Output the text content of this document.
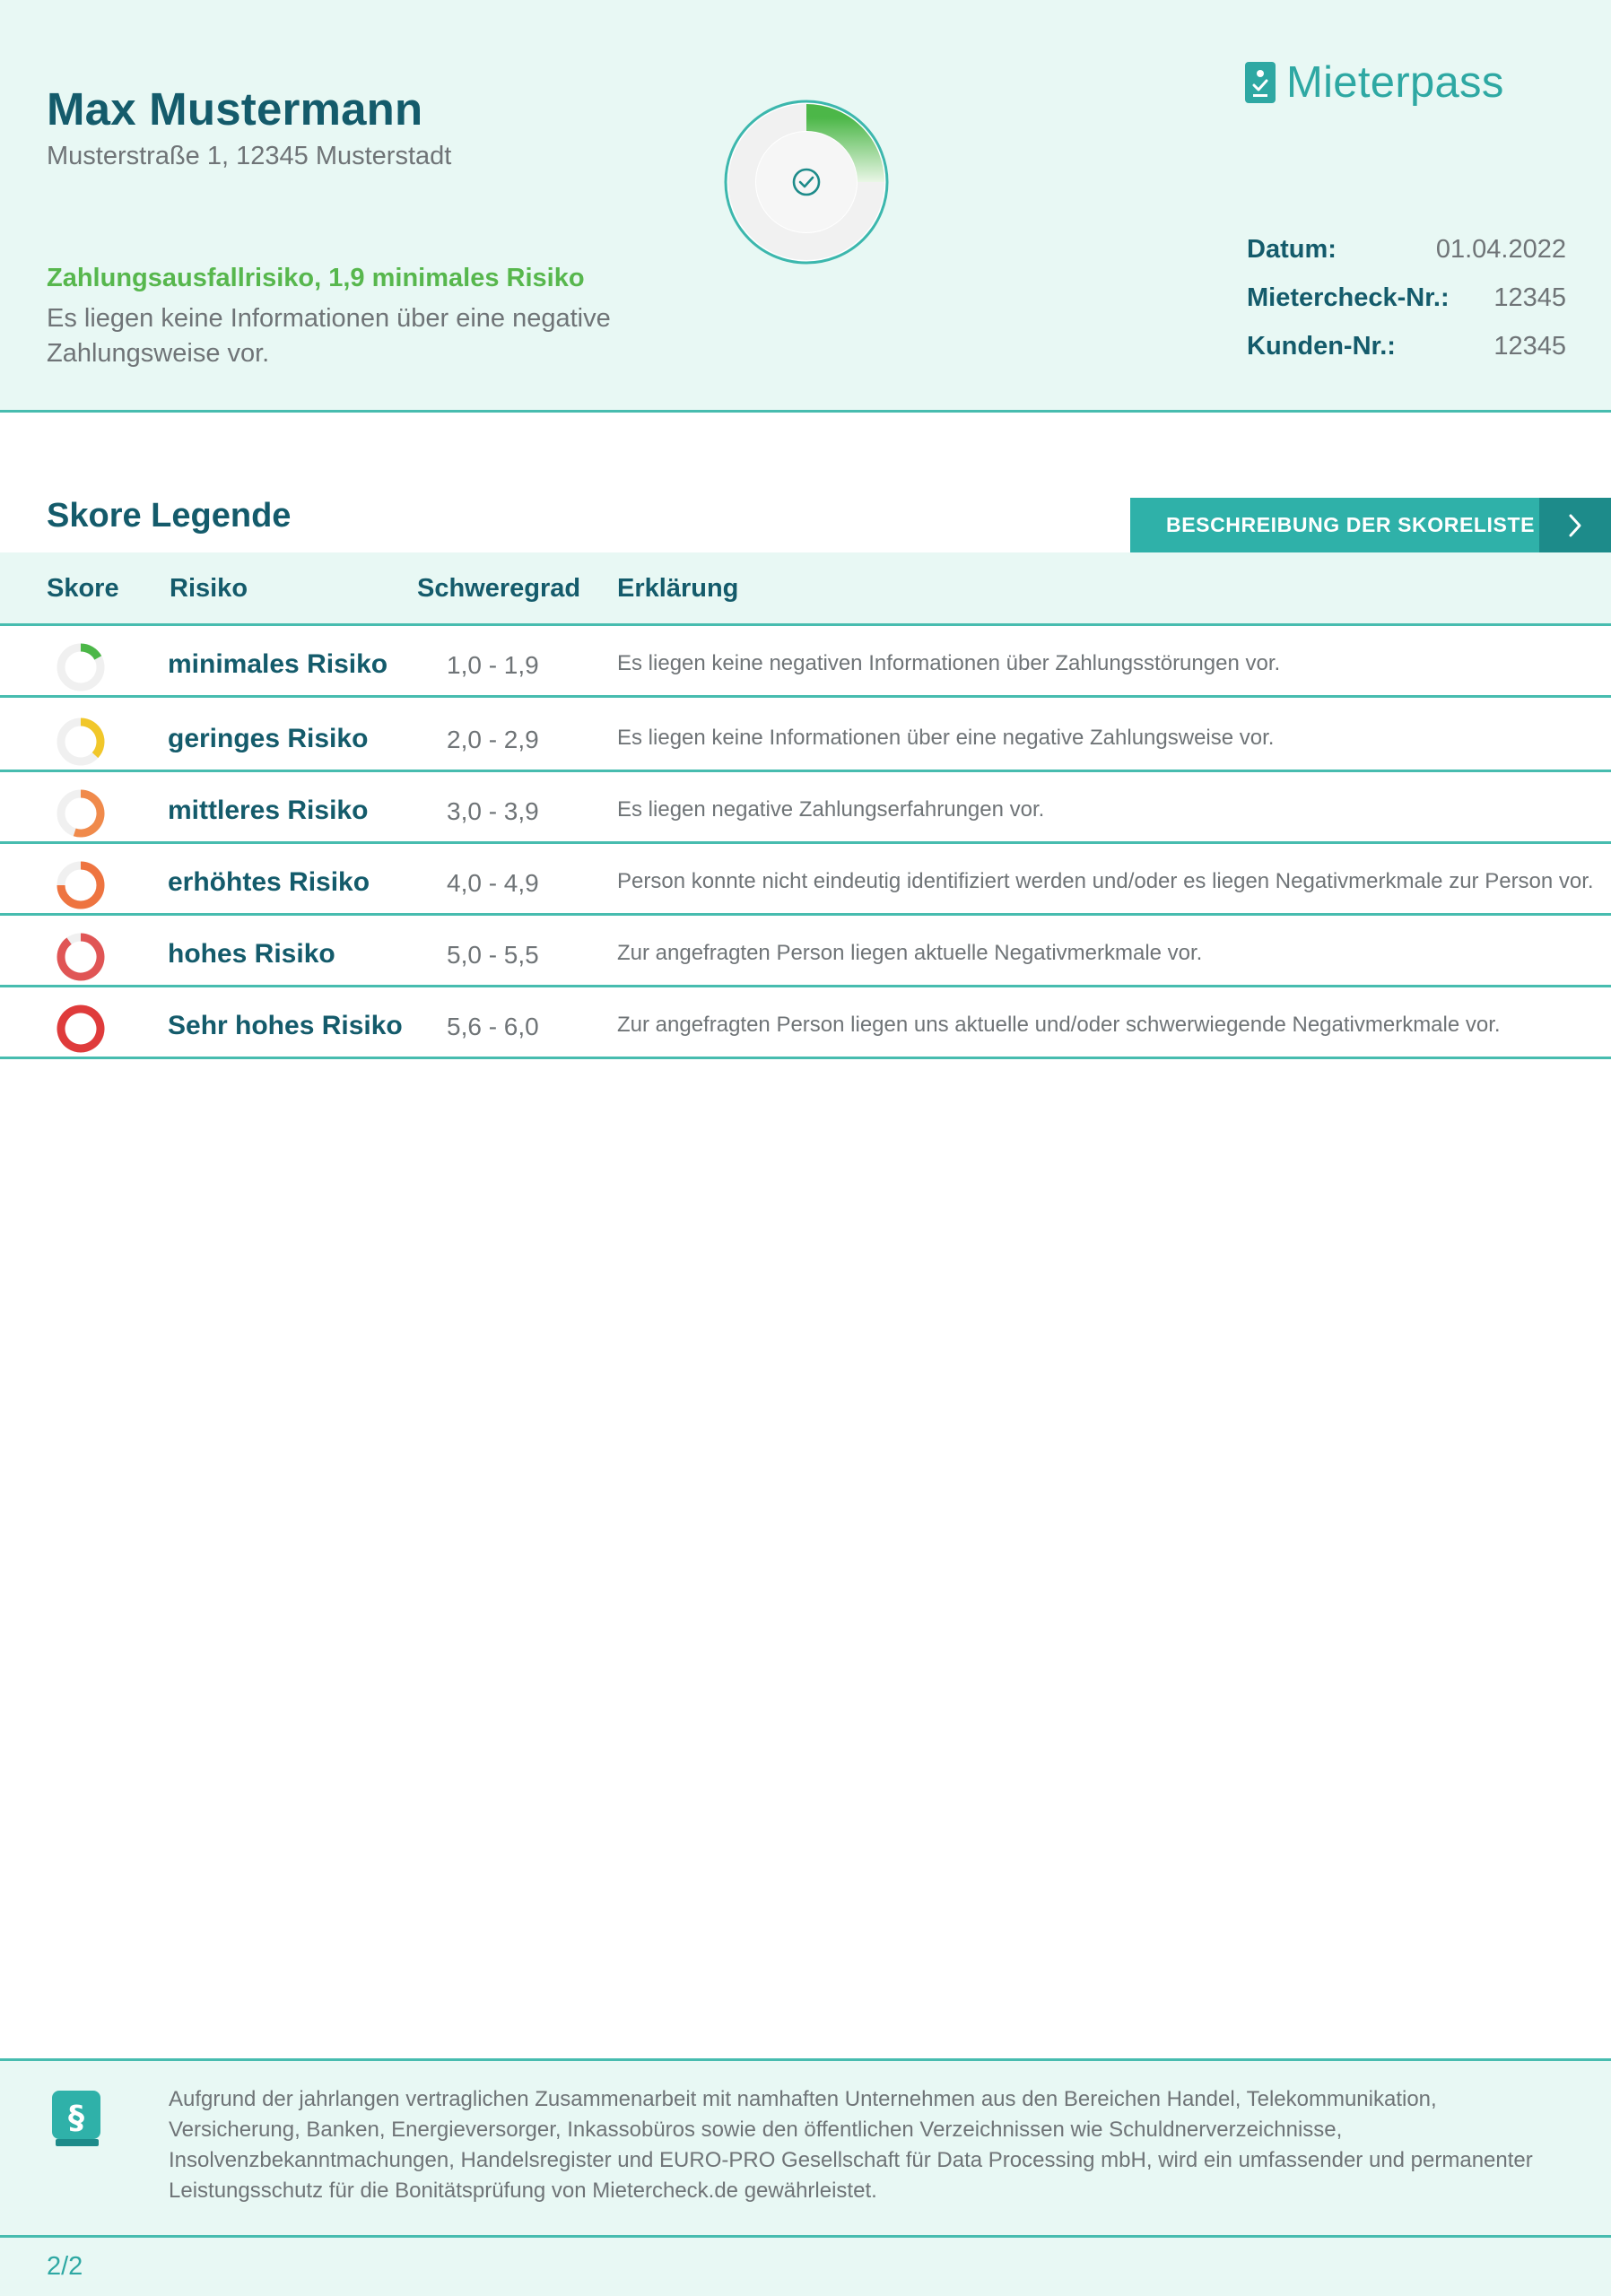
Max Mustermann
Musterstraße 1, 12345 Musterstadt
Zahlungsausfallrisiko, 1,9 minimales Risiko
Es liegen keine Informationen über eine negative Zahlungsweise vor.
Mieterpass
Datum:	01.04.2022
Mietercheck-Nr.: 12345
Kunden-Nr.:	12345
Skore Legende	BESCHREIBUNG DER SKORELISTE
Skore Risiko	Schweregrad Erklärung
minimales Risiko 1,0 - 1,9	Es liegen keine negativen Informationen über Zahlungsstörungen vor.
geringes Risiko	2,0 - 2,9	Es liegen keine Informationen über eine negative Zahlungsweise vor.
mittleres Risiko	3,0 - 3,9	Es liegen negative Zahlungserfahrungen vor.
erhöhtes Risiko	4,0 - 4,9	Person konnte nicht eindeutig identifiziert werden und/oder es liegen Negativmerkmale zur Person vor.
hohes Risiko	5,0 - 5,5	Zur angefragten Person liegen aktuelle Negativmerkmale vor.
Sehr hohes Risiko 5,6 - 6,0	Zur angefragten Person liegen uns aktuelle und/oder schwerwiegende Negativmerkmale vor.
§
Aufgrund der jahrlangen vertraglichen Zusammenarbeit mit namhaften Unternehmen aus den Bereichen Handel, Telekommunikation, Versicherung, Banken, Energieversorger, Inkassobüros sowie den öffentlichen Verzeichnissen wie Schuldnerverzeichnisse, Insolvenzbekanntmachungen, Handelsregister und EURO-PRO Gesellschaft für Data Processing mbH, wird ein umfassender und permanenter Leistungsschutz für die Bonitätsprüfung von Mietercheck.de gewährleistet.
2/2
